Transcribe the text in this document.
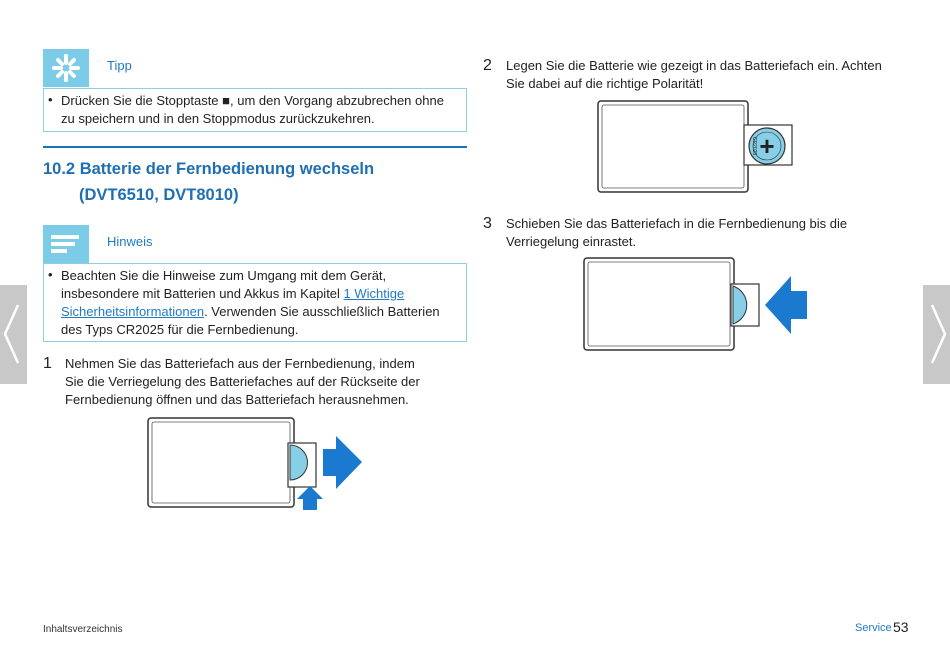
Tipp
• Drücken Sie die Stopptaste ■, um den Vorgang abzubrechen ohne
zu speichern und in den Stoppmodus zurückzukehren.
10.2 Batterie der Fernbedienung wechseln
(DVT6510, DVT8010)
Hinweis
• Beachten Sie die Hinweise zum Umgang mit dem Gerät,
insbesondere mit Batterien und Akkus im Kapitel 1 Wichtige
Sicherheitsinformationen. Verwenden Sie ausschließlich Batterien
des Typs CR2025 für die Fernbedienung.
1 Nehmen Sie das Batteriefach aus der Fernbedienung, indem
Sie die Verriegelung des Batteriefaches auf der Rückseite der
Fernbedienung öffnen und das Batteriefach herausnehmen.
2 Legen Sie die Batterie wie gezeigt in das Batteriefach ein. Achten
Sie dabei auf die richtige Polarität!
+
CR2025
3 Schieben Sie das Batteriefach in die Fernbedienung bis die
Verriegelung einrastet.
Inhaltsverzeichnis	Service 53
